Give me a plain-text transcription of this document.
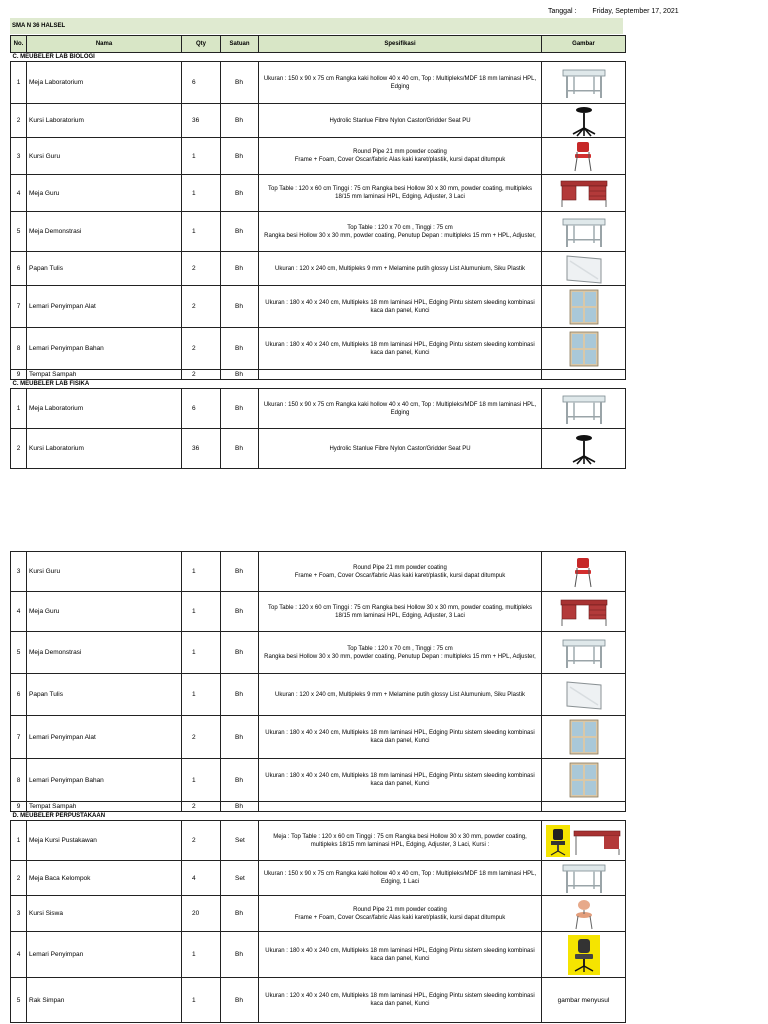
Tanggal : Friday, September 17, 2021
SMA N 36 HALSEL
No.	Nama	Qty	Satuan	Spesifikasi	Gambar
C. MEUBELER LAB BIOLOGI					
1	Meja Laboratorium	6	Bh	Ukuran : 150 x 90 x 75 cm Rangka kaki hollow 40 x 40 cm, Top : Multipleks/MDF 18 mm laminasi HPL, Edging	

2	Kursi Laboratorium	36	Bh	Hydrolic Stanlue Fibre Nylon Castor/Gridder Seat PU	

3	Kursi Guru	1	Bh	Round Pipe 21 mm powder coating
Frame + Foam, Cover Oscar/fabric Alas kaki karet/plastik, kursi dapat ditumpuk	

4	Meja Guru	1	Bh	Top Table : 120 x 60 cm Tinggi : 75 cm Rangka besi Hollow 30 x 30 mm, powder coating, multipleks 18/15 mm laminasi HPL, Edging, Adjuster, 3 Laci	

5	Meja Demonstrasi	1	Bh	Top Table : 120 x 70 cm , Tinggi : 75 cm
Rangka besi Hollow 30 x 30 mm, powder coating, Penutup Depan : multipleks 15 mm + HPL, Adjuster,	

6	Papan Tulis	2	Bh	Ukuran : 120 x 240 cm, Multipleks 9 mm + Melamine putih glossy List Alumunium, Siku Plastik	

7	Lemari Penyimpan Alat	2	Bh	Ukuran : 180 x 40 x 240 cm, Multipleks 18 mm laminasi HPL, Edging Pintu sistem sleeding kombinasi kaca dan panel, Kunci	

8	Lemari Penyimpan Bahan	2	Bh	Ukuran : 180 x 40 x 240 cm, Multipleks 18 mm laminasi HPL, Edging Pintu sistem sleeding kombinasi kaca dan panel, Kunci	

9	Tempat Sampah	2	Bh		
C. MEUBELER LAB FISIKA					
1	Meja Laboratorium	6	Bh	Ukuran : 150 x 90 x 75 cm Rangka kaki hollow 40 x 40 cm, Top : Multipleks/MDF 18 mm laminasi HPL, Edging	

2	Kursi Laboratorium	36	Bh	Hydrolic Stanlue Fibre Nylon Castor/Gridder Seat PU	
3	Kursi Guru	1	Bh	Round Pipe 21 mm powder coating
Frame + Foam, Cover Oscar/fabric Alas kaki karet/plastik, kursi dapat ditumpuk	

4	Meja Guru	1	Bh	Top Table : 120 x 60 cm Tinggi : 75 cm Rangka besi Hollow 30 x 30 mm, powder coating, multipleks 18/15 mm laminasi HPL, Edging, Adjuster, 3 Laci	

5	Meja Demonstrasi	1	Bh	Top Table : 120 x 70 cm , Tinggi : 75 cm
Rangka besi Hollow 30 x 30 mm, powder coating, Penutup Depan : multipleks 15 mm + HPL, Adjuster,	

6	Papan Tulis	1	Bh	Ukuran : 120 x 240 cm, Multipleks 9 mm + Melamine putih glossy List Alumunium, Siku Plastik	

7	Lemari Penyimpan Alat	2	Bh	Ukuran : 180 x 40 x 240 cm, Multipleks 18 mm laminasi HPL, Edging Pintu sistem sleeding kombinasi kaca dan panel, Kunci	

8	Lemari Penyimpan Bahan	1	Bh	Ukuran : 180 x 40 x 240 cm, Multipleks 18 mm laminasi HPL, Edging Pintu sistem sleeding kombinasi kaca dan panel, Kunci	

9	Tempat Sampah	2	Bh		
D. MEUBELER PERPUSTAKAAN					
1	Meja Kursi Pustakawan	2	Set	Meja : Top Table : 120 x 60 cm Tinggi : 75 cm Rangka besi Hollow 30 x 30 mm, powder coating, multipleks 18/15 mm laminasi HPL, Edging, Adjuster, 3 Laci, Kursi :	

2	Meja Baca Kelompok	4	Set	Ukuran : 150 x 90 x 75 cm Rangka kaki hollow 40 x 40 cm, Top : Multipleks/MDF 18 mm laminasi HPL, Edging, 1 Laci	

3	Kursi Siswa	20	Bh	Round Pipe 21 mm powder coating
Frame + Foam, Cover Oscar/fabric Alas kaki karet/plastik, kursi dapat ditumpuk	

4	Lemari Penyimpan	1	Bh	Ukuran : 180 x 40 x 240 cm, Multipleks 18 mm laminasi HPL, Edging Pintu sistem sleeding kombinasi kaca dan panel, Kunci	

5	Rak Simpan	1	Bh	Ukuran : 120 x 40 x 240 cm, Multipleks 18 mm laminasi HPL, Edging Pintu sistem sleeding kombinasi kaca dan panel, Kunci	gambar menyusul
